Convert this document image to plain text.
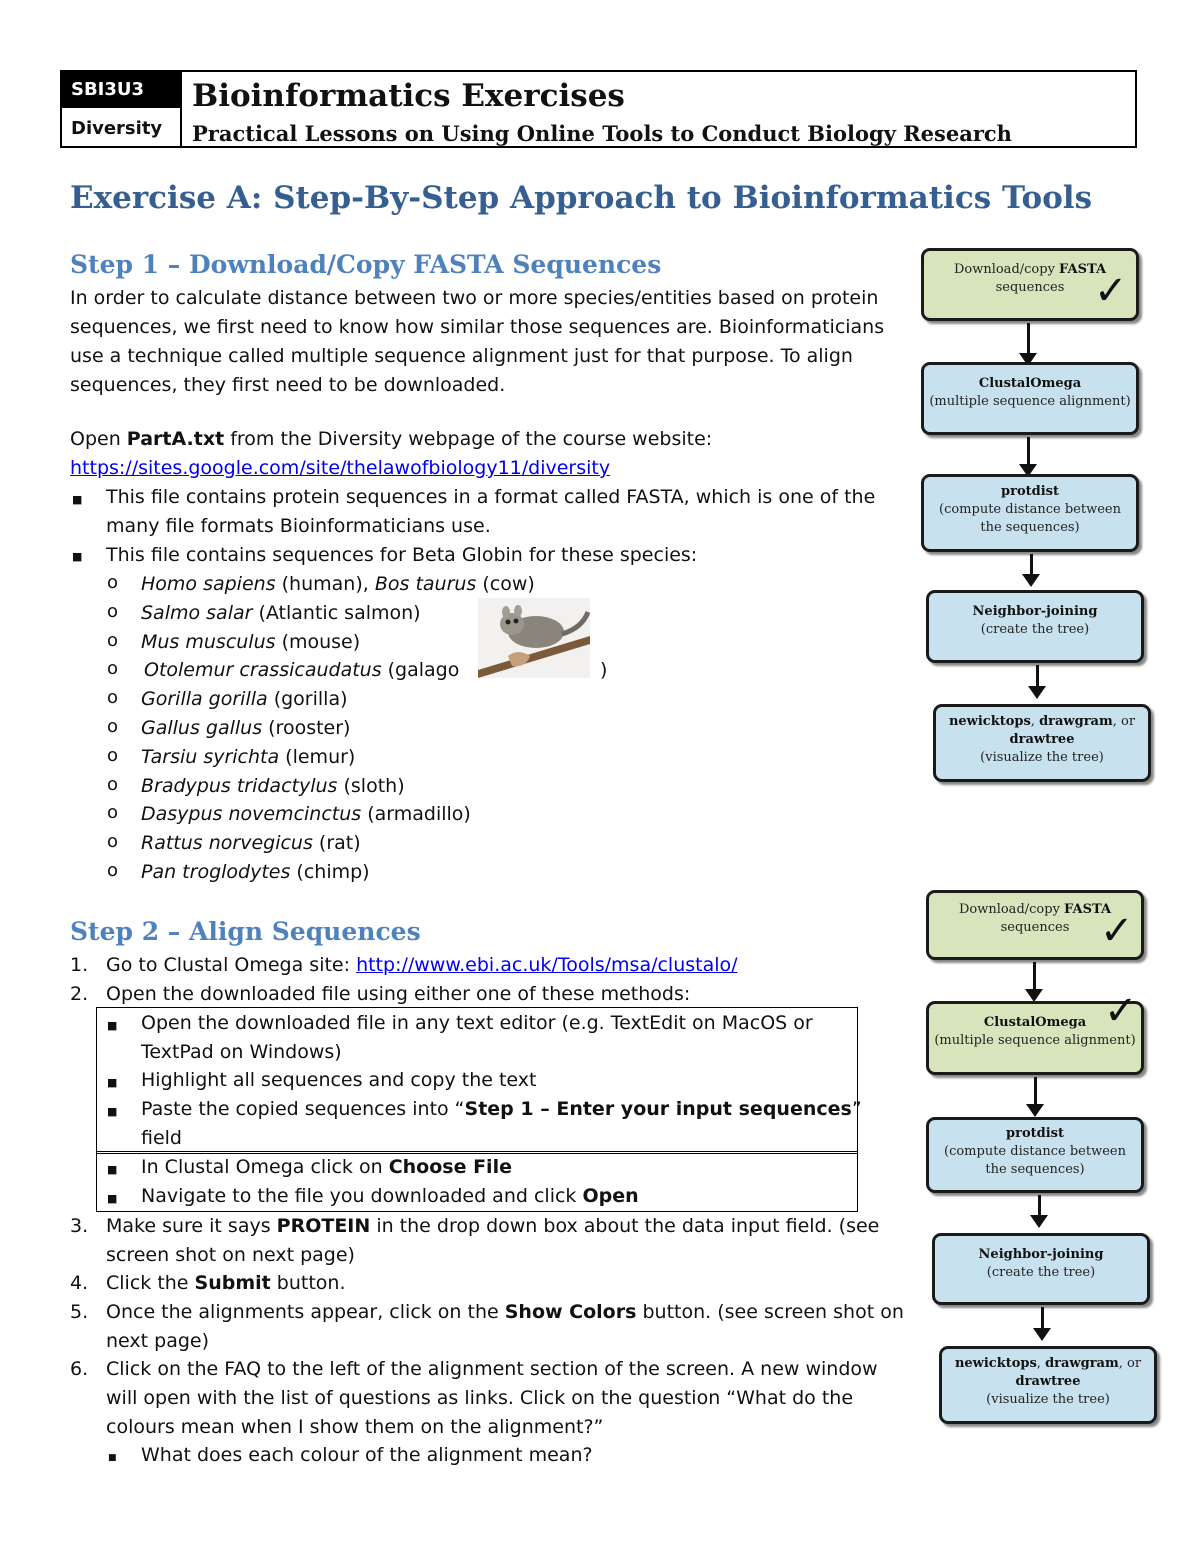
SBI3U3
Diversity
Bioinformatics Exercises
Practical Lessons on Using Online Tools to Conduct Biology Research
Exercise A: Step-By-Step Approach to Bioinformatics Tools
Step 1 – Download/Copy FASTA Sequences
In order to calculate distance between two or more species/entities based on protein
sequences, we first need to know how similar those sequences are. Bioinformaticians
use a technique called multiple sequence alignment just for that purpose. To align
sequences, they first need to be downloaded.
Open PartA.txt from the Diversity webpage of the course website:
https://sites.google.com/site/thelawofbiology11/diversity
■ This file contains protein sequences in a format called FASTA, which is one of the
many file formats Bioinformaticians use.
■ This file contains sequences for Beta Globin for these species:
o Homo sapiens (human), Bos taurus (cow)
o Salmo salar (Atlantic salmon)
o Mus musculus (mouse)
o Otolemur crassicaudatus (galago	)
o Gorilla gorilla (gorilla)
o Gallus gallus (rooster)
o Tarsiu syrichta (lemur)
o Bradypus tridactylus (sloth)
o Dasypus novemcinctus (armadillo)
o Rattus norvegicus (rat)
o Pan troglodytes (chimp)
Step 2 – Align Sequences
1. Go to Clustal Omega site: http://www.ebi.ac.uk/Tools/msa/clustalo/
2. Open the downloaded file using either one of these methods:
■ Open the downloaded file in any text editor (e.g. TextEdit on MacOS or
TextPad on Windows)
■ Highlight all sequences and copy the text
■ Paste the copied sequences into “Step 1 – Enter your input sequences”
field
■ In Clustal Omega click on Choose File
■ Navigate to the file you downloaded and click Open
3. Make sure it says PROTEIN in the drop down box about the data input field. (see
screen shot on next page)
4. Click the Submit button.
5. Once the alignments appear, click on the Show Colors button. (see screen shot on
next page)
6. Click on the FAQ to the left of the alignment section of the screen. A new window
will open with the list of questions as links. Click on the question “What do the
colours mean when I show them on the alignment?”
■ What does each colour of the alignment mean?
Download/copy FASTA
sequences ✓
ClustalOmega
(multiple sequence alignment)
protdist
(compute distance between
the sequences)
Neighbor-joining
(create the tree)
newicktops, drawgram, or
drawtree
(visualize the tree)
Download/copy FASTA
sequences ✓
ClustalOmega
(multiple sequence alignment)
✓
protdist
(compute distance between
the sequences)
Neighbor-joining
(create the tree)
newicktops, drawgram, or
drawtree
(visualize the tree)
